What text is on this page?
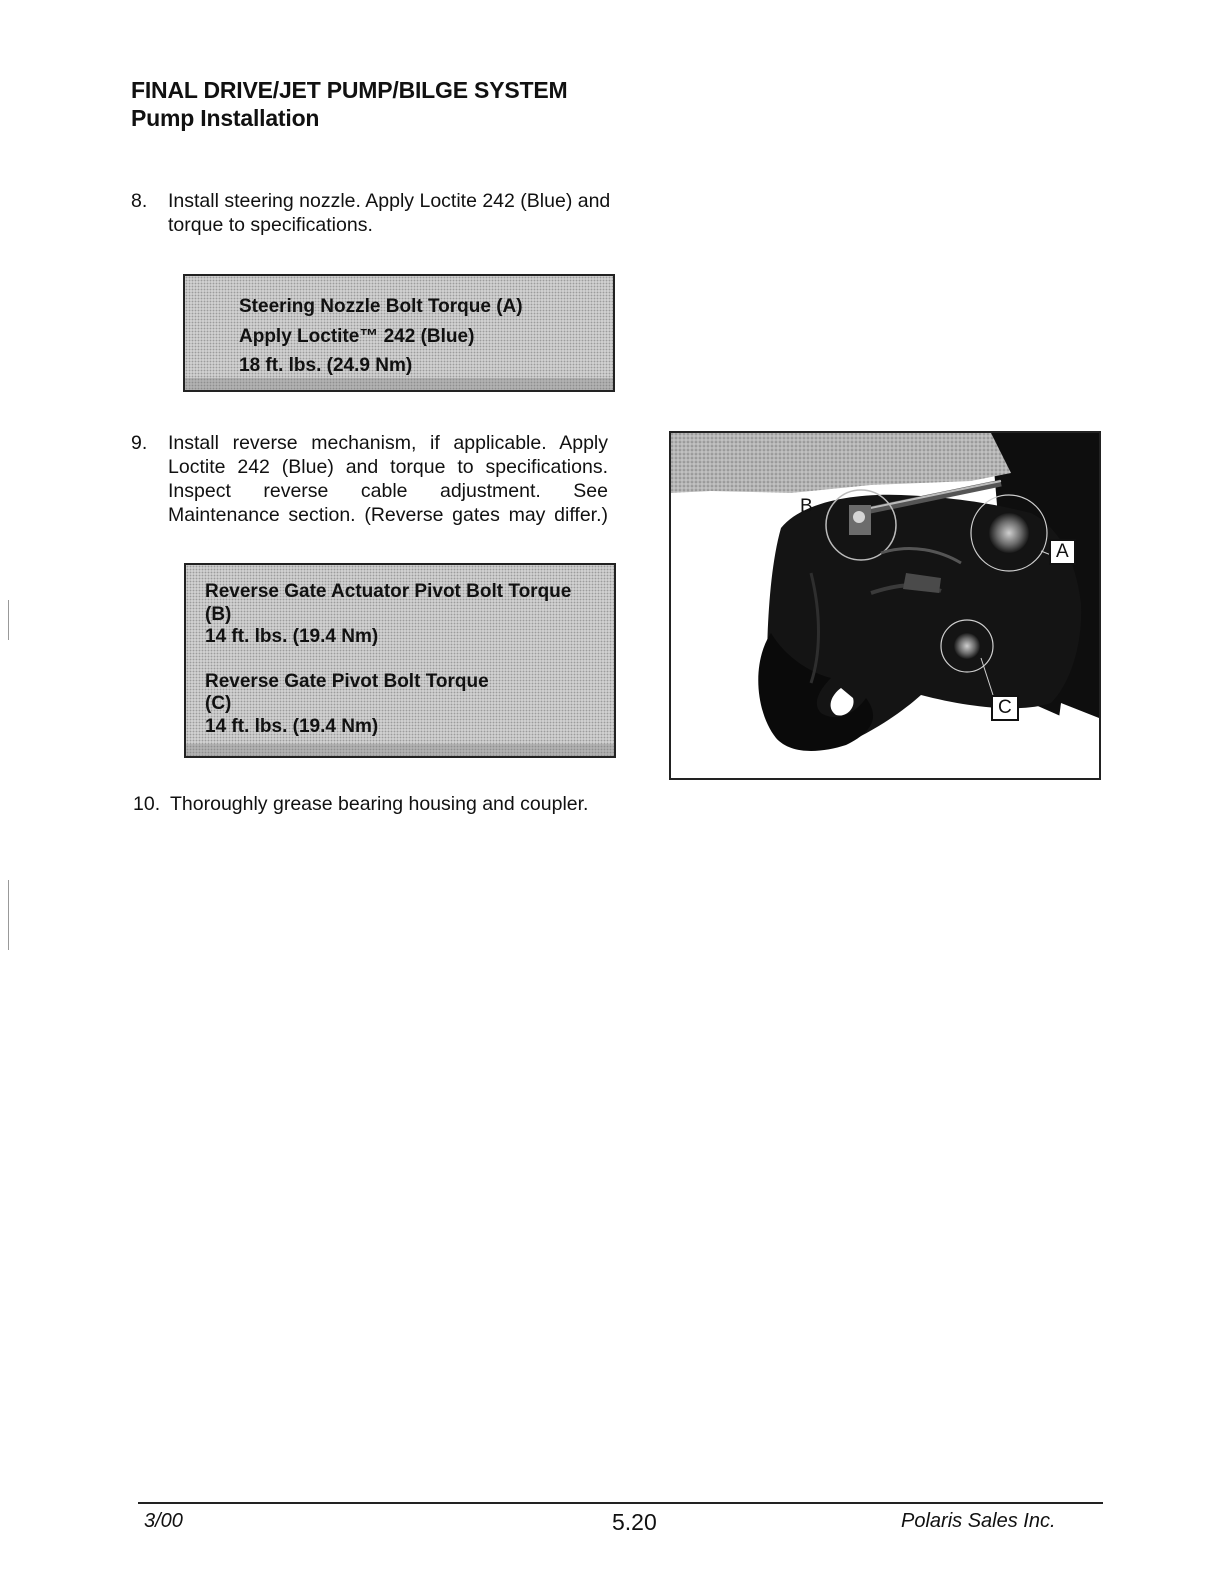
FINAL DRIVE/JET PUMP/BILGE SYSTEM
Pump Installation
8. Install steering nozzle. Apply Loctite 242 (Blue) and
torque to specifications.

Steering Nozzle Bolt Torque (A)

Apply Loctite™ 242 (Blue)

18 ft. lbs. (24.9 Nm)

9. Install reverse mechanism, if applicable. Apply
Loctite 242 (Blue) and torque to specifications.
Inspect reverse cable adjustment. See
Maintenance section. (Reverse gates may differ.)

Reverse Gate Actuator Pivot Bolt Torque

(B)

14 ft. lbs. (19.4 Nm)

Reverse Gate Pivot Bolt Torque

(C)

14 ft. lbs. (19.4 Nm)

B
A
C
10. Thoroughly grease bearing housing and coupler.
3/00	5.20	Polaris Sales Inc.
